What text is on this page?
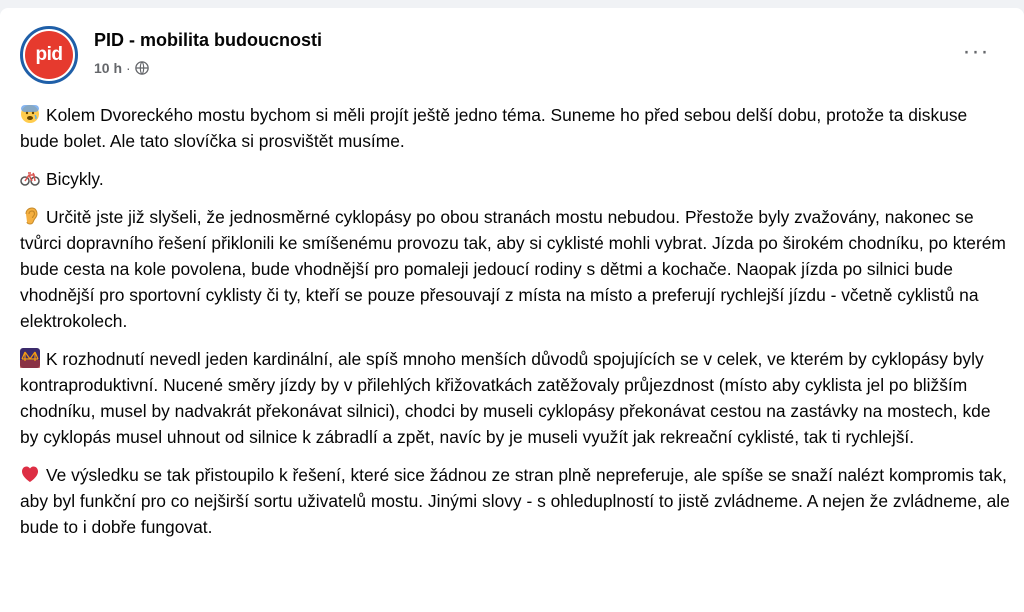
pid
PID - mobilita budoucnosti
10 h ·
···

Kolem Dvoreckého mostu bychom si měli projít ještě jedno téma. Suneme ho před sebou delší dobu, protože ta diskuse bude bolet. Ale tato slovíčka si prosvištět musíme.

Bicykly.

Určitě jste již slyšeli, že jednosměrné cyklopásy po obou stranách mostu nebudou. Přestože byly zvažovány, nakonec se tvůrci dopravního řešení přiklonili ke smíšenému provozu tak, aby si cyklisté mohli vybrat. Jízda po širokém chodníku, po kterém bude cesta na kole povolena, bude vhodnější pro pomaleji jedoucí rodiny s dětmi a kochače. Naopak jízda po silnici bude vhodnější pro sportovní cyklisty či ty, kteří se pouze přesouvají z místa na místo a preferují rychlejší jízdu - včetně cyklistů na elektrokolech.

K rozhodnutí nevedl jeden kardinální, ale spíš mnoho menších důvodů spojujících se v celek, ve kterém by cyklopásy byly kontraproduktivní. Nucené směry jízdy by v přilehlých křižovatkách zatěžovaly průjezdnost (místo aby cyklista jel po bližším chodníku, musel by nadvakrát překonávat silnici), chodci by museli cyklopásy překonávat cestou na zastávky na mostech, kde by cyklopás musel uhnout od silnice k zábradlí a zpět, navíc by je museli využít jak rekreační cyklisté, tak ti rychlejší.

Ve výsledku se tak přistoupilo k řešení, které sice žádnou ze stran plně nepreferuje, ale spíše se snaží nalézt kompromis tak, aby byl funkční pro co nejširší sortu uživatelů mostu. Jinými slovy - s ohleduplností to jistě zvládneme. A nejen že zvládneme, ale bude to i dobře fungovat.
